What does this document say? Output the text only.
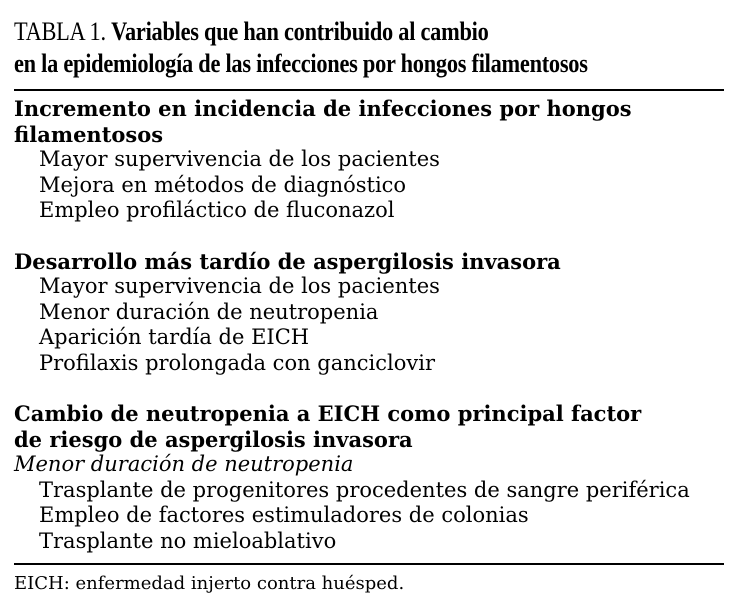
TABLA 1. Variables que han contribuido al cambio
en la epidemiología de las infecciones por hongos filamentosos
Incremento en incidencia de infecciones por hongos
filamentosos
Mayor supervivencia de los pacientes
Mejora en métodos de diagnóstico
Empleo profiláctico de fluconazol
Desarrollo más tardío de aspergilosis invasora
Mayor supervivencia de los pacientes
Menor duración de neutropenia
Aparición tardía de EICH
Profilaxis prolongada con ganciclovir
Cambio de neutropenia a EICH como principal factor
de riesgo de aspergilosis invasora
Menor duración de neutropenia
Trasplante de progenitores procedentes de sangre periférica
Empleo de factores estimuladores de colonias
Trasplante no mieloablativo
EICH: enfermedad injerto contra huésped.
